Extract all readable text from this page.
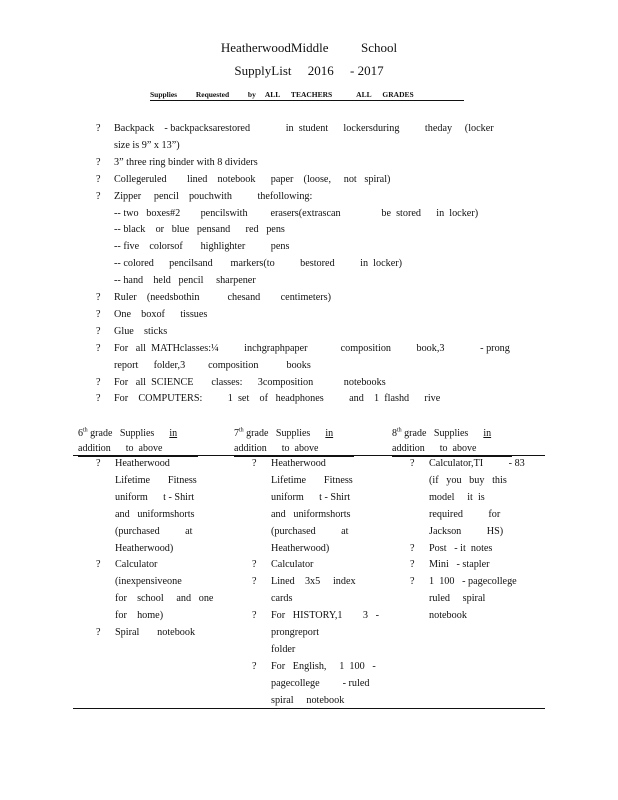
HeatherwoodMiddle          School
SupplyList     2016     - 2017
Supplies          Requested          by     ALL      TEACHERS             ALL      GRADES
? Backpack    - backpacksarestored              in  student      lockersduring          theday     (locker
size is 9” x 13”)
? 3” three ring binder with 8 dividers
? Collegeruled        lined    notebook      paper    (loose,     not   spiral)
? Zipper     pencil    pouchwith          thefollowing:
-- two   boxes#2        pencilswith         erasers(extrascan                be  stored      in  locker)
-- black    or   blue   pensand      red   pens
-- five    colorsof       highlighter          pens
-- colored      pencilsand       markers(to          bestored          in  locker)
-- hand    held   pencil     sharpener
? Ruler    (needsbothin           chesand        centimeters)
? One    boxof      tissues
? Glue    sticks
? For   all  MATHclasses:¼          inchgraphpaper             composition          book,3              - prong
report      folder,3         composition           books
? For   all  SCIENCE       classes:      3composition            notebooks
? For    COMPUTERS:          1  set    of   headphones          and    1  flashd      rive
6th grade   Supplies in
addition      to  above
? Heatherwood
Lifetime       Fitness
uniform      t - Shirt
and   uniformshorts
(purchased          at
Heatherwood)
? Calculator
(inexpensiveone
for    school     and   one
for    home)
? Spiral       notebook
7th grade   Supplies in
addition      to  above
? Heatherwood
Lifetime       Fitness
uniform      t - Shirt
and   uniformshorts
(purchased          at
Heatherwood)
? Calculator
? Lined    3x5     index
cards
? For   HISTORY,1        3   -
prongreport
folder
? For   English,     1  100   -
pagecollege         - ruled
spiral     notebook
8th grade   Supplies in
addition      to  above
? Calculator,TI          - 83
(if   you   buy   this
model     it  is
required          for
Jackson          HS)
? Post   - it  notes
? Mini   - stapler
? 1  100   - pagecollege
ruled     spiral
notebook
